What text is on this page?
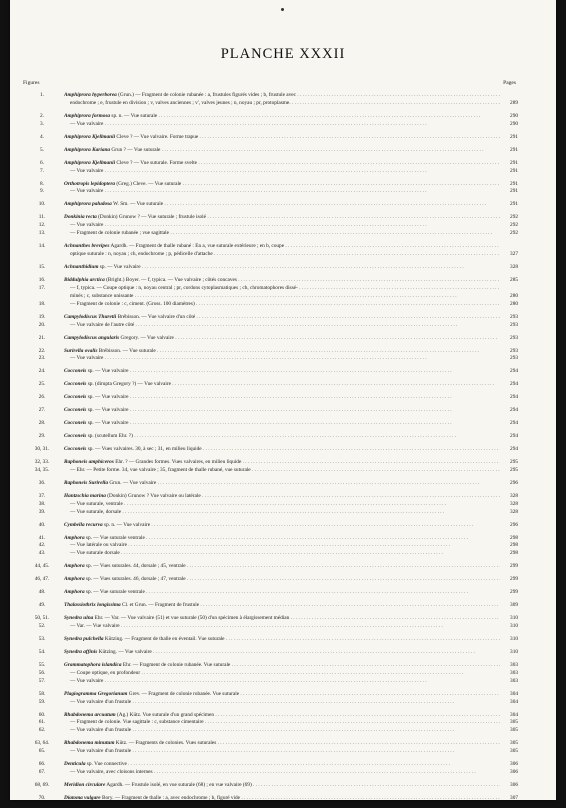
PLANCHE XXXII
Figures	Pages
1.	Amphiprora hyperborea (Grun.) — Fragment de colonie rubanée : a, frustules figurés vides ; b, frustule avec . . .
endochrome ; e, frustule en division ; v, valves anciennes ; v', valves jeunes ; n, noyau ; pr, protoplasme. . . .	289
2.	Amphiprora formosa sp. n. — Vue suturale . . .	290
3.	— Vue valvaire . . .	290
4.	Amphiprora Kjellmanii Cleve ? — Vue valvaire. Forme trapue . . .	291
5.	Amphiprora Kariana Grun ? — Vue suturale . . .	291
6.	Amphiprora Kjellmanii Cleve ? — Vue suturale. Forme svelte . . .	291
7.	— Vue valvaire . . .	291
8.	Orthotropis lepidoptera (Greg.) Cleve. — Vue suturale . . .	291
9.	— Vue valvaire . . .	291
10.	Amphiprora paludosa W. Sm. — Vue suturale . . .	291
11.	Donkinia recta (Donkin) Grunow ? — Vue suturale ; frustule isolé . . .	292
12.	— Vue valvaire . . .	292
13.	— Fragment de colonie rubanée ; vue sagittale . . .	292
14.	Achnanthes brevipes Agardh. — Fragment de thalle rubané : En a, vue suturale extérieure ; en b, coupe . . .
optique suturale : n, noyau ; ch, endochrome ; p, pédicelle d'attache . . .	327
15.	Achnanthidium sp. — Vue valvaire . . .	328
16.	Biddulphia arctica (Bright.) Boyer. — f, typica. — Vue valvaire ; côtés concaves . . .	285
17.	— f, typica. — Coupe optique : n, noyau central ; pr, cordons cytoplasmatiques ; ch, chromatophores dissé- . . .
minés ; c, substance unissante . . .	280
18.	— Fragment de colonie : c, ciment. (Gross. 100 diamètres) . . .	280
19.	Campylodiscus Thuretii Brébisson. — Vue valvaire d'un côté . . .	293
20.	— Vue valvaire de l'autre côté . . .	293
21.	Campylodiscus angularis Gregory. — Vue valvaire . . .	293
22.	Surirella ovalis Brébisson. — Vue suturale . . .	293
23.	— Vue valvaire . . .	293
24.	Cocconeis sp. — Vue valvaire . . .	294
25.	Cocconeis sp. (dirupta Gregory ?) — Vue valvaire . . .	294
26.	Cocconeis sp. — Vue valvaire . . .	294
27.	Cocconeis sp. — Vue valvaire . . .	294
28.	Cocconeis sp. — Vue valvaire . . .	294
29.	Cocconeis sp. (scutellum Ehr. ?) . . .	294
30, 31.	Cocconeis sp. — Vues valvaires. 30, à sec ; 31, en milieu liquide . . .	294
32, 33.	Raphoneis amphiceros Ehr. ? — Grandes formes. Vues valvaires, en milieu liquide . . .	295
34, 35.	— Ehr. — Petite forme. 34, vue valvaire ; 35, fragment de thalle rubané, vue suturale . . .	295
36.	Raphoneis Surirella Grun. — Vue valvaire . . .	296
37.	Hantzschia marina (Donkin) Grunow ? Vue valvaire ou latérale . . .	328
38.	— Vue suturale, ventrale . . .	328
39.	— Vue suturale, dorsale . . .	328
40.	Cymbella recurva sp. n. — Vue valvaire . . .	296
41.	Amphora sp. — Vue suturale ventrale . . .	298
42.	— Vue latérale ou valvaire . . .	298
43.	— Vue suturale dorsale . . .	298
44, 45.	Amphora sp. — Vues suturales. 44, dorsale ; 45, ventrale . . .	299
46, 47.	Amphora sp. — Vues suturales. 46, dorsale ; 47, ventrale . . .	299
48.	Amphora sp. — Vue suturale ventrale . . .	299
49.	Thalassiothrix longissima Cl. et Grun. — Fragment de frustule . . .	309
50, 51.	Synedra ulna Ehr. — Var. — Vue valvaire (51) et vue suturale (50) d'un spécimen à élargissement médian . . .	310
52.	— Var. — Vue valvaire . . .	310
53.	Synedra pulchella Kützing. — Fragment de thalle en éventail. Vue suturale . . .	310
54.	Synedra affinis Kützing. — Vue valvaire . . .	310
55.	Grammatophora islandica Ehr. — Fragment de colonie rubanée. Vue suturale . . .	303
56.	— Coupe optique, en profondeur . . .	303
57.	— Vue valvaire . . .	303
58.	Plagiogramma Gregorianum Grev. — Fragment de colonie rubanée. Vue suturale . . .	304
59.	— Vue valvaire d'un frustule . . .	304
60.	Rhabdonema arcuatum (Ag.) Kütz. Vue suturale d'un grand spécimen . . .	304
61.	— Fragment de colonie. Vue sagittale : c, substance cimentaire . . .	305
62.	— Vue valvaire d'un frustule . . .	305
63, 64.	Rhabdonema minutum Kütz. — Fragments de colonies. Vues suturales . . .	305
65.	— Vue valvaire d'un frustule . . .	305
66.	Denticula sp. Vue connective . . .	306
67.	— Vue valvaire, avec cloisons internes . . .	306
68, 69.	Meridion circulare Agardh. — Frustule isolé, en vue suturale (68) ; en vue valvaire (69) . . .	306
70.	Diatoma vulgare Bory. — Fragment de thalle : a, avec endochrome ; b, figuré vide . . .	307
